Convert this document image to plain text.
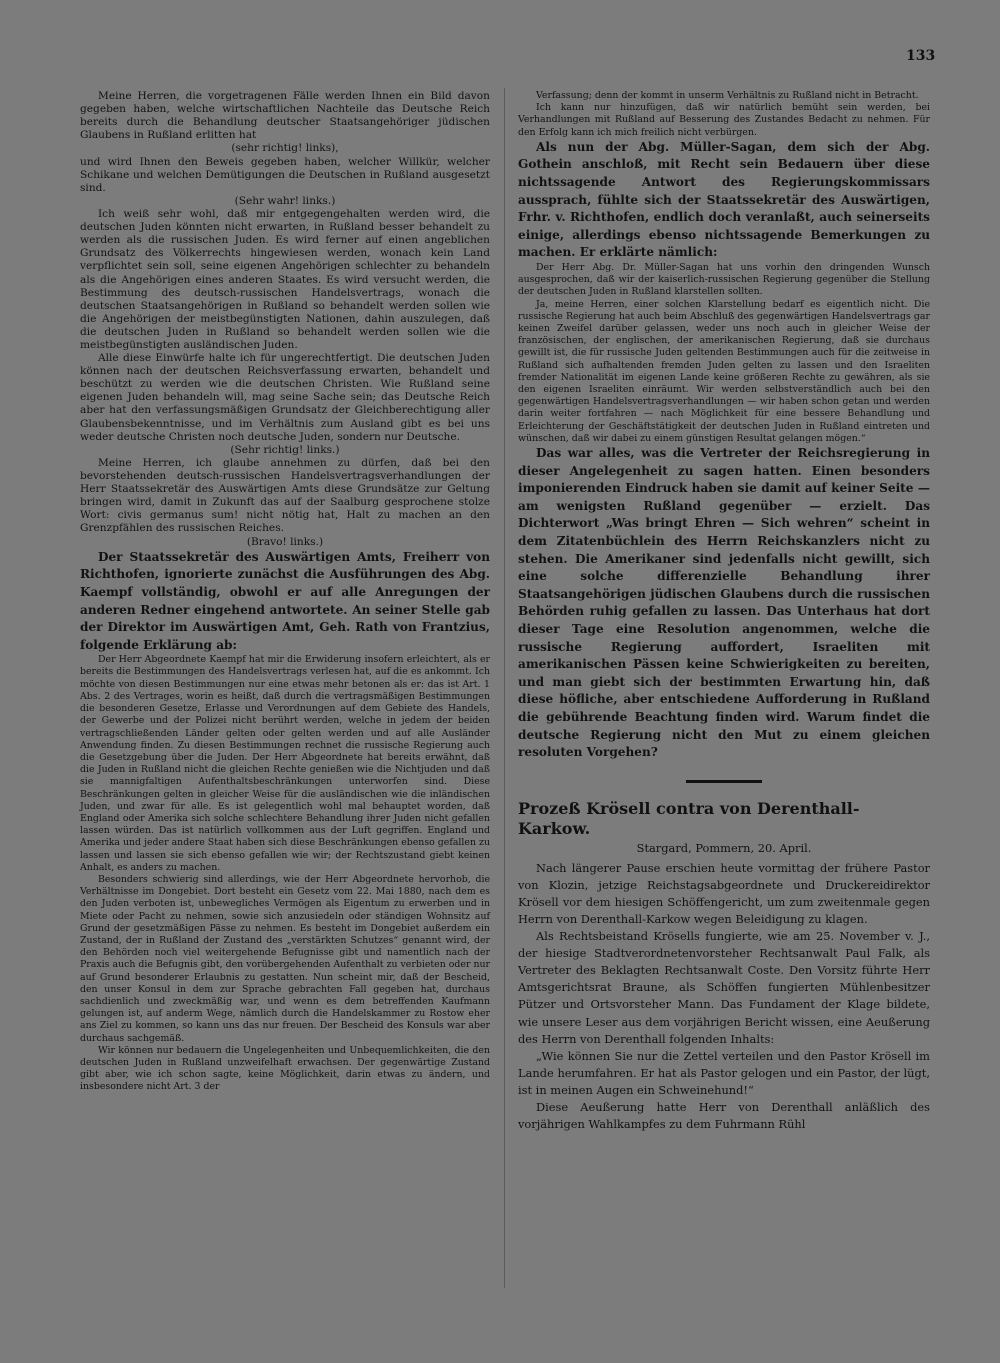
133

Meine Herren, die vorgetragenen Fälle werden Ihnen ein Bild davon gegeben haben, welche wirtschaftlichen Nachteile das Deutsche Reich bereits durch die Behandlung deutscher Staatsangehöriger jüdischen Glaubens in Rußland erlitten hat

(sehr richtig! links),

und wird Ihnen den Beweis gegeben haben, welcher Willkür, welcher Schikane und welchen Demütigungen die Deutschen in Rußland ausgesetzt sind.

(Sehr wahr! links.)

Ich weiß sehr wohl, daß mir entgegengehalten werden wird, die deutschen Juden könnten nicht erwarten, in Rußland besser behandelt zu werden als die russischen Juden. Es wird ferner auf einen angeblichen Grundsatz des Völkerrechts hingewiesen werden, wonach kein Land verpflichtet sein soll, seine eigenen Angehörigen schlechter zu behandeln als die Angehörigen eines anderen Staates. Es wird versucht werden, die Bestimmung des deutsch-russischen Handelsvertrags, wonach die deutschen Staatsangehörigen in Rußland so behandelt werden sollen wie die Angehörigen der meistbegünstigten Nationen, dahin auszulegen, daß die deutschen Juden in Rußland so behandelt werden sollen wie die meistbegünstigten ausländischen Juden.

Alle diese Einwürfe halte ich für ungerechtfertigt. Die deutschen Juden können nach der deutschen Reichsverfassung erwarten, behandelt und beschützt zu werden wie die deutschen Christen. Wie Rußland seine eigenen Juden behandeln will, mag seine Sache sein; das Deutsche Reich aber hat den verfassungsmäßigen Grundsatz der Gleichberechtigung aller Glaubensbekenntnisse, und im Verhältnis zum Ausland gibt es bei uns weder deutsche Christen noch deutsche Juden, sondern nur Deutsche.

(Sehr richtig! links.)

Meine Herren, ich glaube annehmen zu dürfen, daß bei den bevorstehenden deutsch-russischen Handelsvertragsverhandlungen der Herr Staatssekretär des Auswärtigen Amts diese Grundsätze zur Geltung bringen wird, damit in Zukunft das auf der Saalburg gesprochene stolze Wort: civis germanus sum! nicht nötig hat, Halt zu machen an den Grenzpfählen des russischen Reiches.

(Bravo! links.)

Der Staatssekretär des Auswärtigen Amts, Freiherr von Richthofen, ignorierte zunächst die Ausführungen des Abg. Kaempf vollständig, obwohl er auf alle Anregungen der anderen Redner eingehend antwortete. An seiner Stelle gab der Direktor im Auswärtigen Amt, Geh. Rath von Frantzius, folgende Erklärung ab:

Der Herr Abgeordnete Kaempf hat mir die Erwiderung insofern erleichtert, als er bereits die Bestimmungen des Handelsvertrags verlesen hat, auf die es ankommt. Ich möchte von diesen Bestimmungen nur eine etwas mehr betonen als er: das ist Art. 1 Abs. 2 des Vertrages, worin es heißt, daß durch die vertragsmäßigen Bestimmungen die besonderen Gesetze, Erlasse und Verordnungen auf dem Gebiete des Handels, der Gewerbe und der Polizei nicht berührt werden, welche in jedem der beiden vertragschließenden Länder gelten oder gelten werden und auf alle Ausländer Anwendung finden. Zu diesen Bestimmungen rechnet die russische Regierung auch die Gesetzgebung über die Juden. Der Herr Abgeordnete hat bereits erwähnt, daß die Juden in Rußland nicht die gleichen Rechte genießen wie die Nichtjuden und daß sie mannigfaltigen Aufenthaltsbeschränkungen unterworfen sind. Diese Beschränkungen gelten in gleicher Weise für die ausländischen wie die inländischen Juden, und zwar für alle. Es ist gelegentlich wohl mal behauptet worden, daß England oder Amerika sich solche schlechtere Behandlung ihrer Juden nicht gefallen lassen würden. Das ist natürlich vollkommen aus der Luft gegriffen. England und Amerika und jeder andere Staat haben sich diese Beschränkungen ebenso gefallen zu lassen und lassen sie sich ebenso gefallen wie wir; der Rechtszustand giebt keinen Anhalt, es anders zu machen.

Besonders schwierig sind allerdings, wie der Herr Abgeordnete hervorhob, die Verhältnisse im Dongebiet. Dort besteht ein Gesetz vom 22. Mai 1880, nach dem es den Juden verboten ist, unbewegliches Vermögen als Eigentum zu erwerben und in Miete oder Pacht zu nehmen, sowie sich anzusiedeln oder ständigen Wohnsitz auf Grund der gesetzmäßigen Pässe zu nehmen. Es besteht im Dongebiet außerdem ein Zustand, der in Rußland der Zustand des „verstärkten Schutzes“ genannt wird, der den Behörden noch viel weitergehende Befugnisse gibt und namentlich nach der Praxis auch die Befugnis gibt, den vorübergehenden Aufenthalt zu verbieten oder nur auf Grund besonderer Erlaubnis zu gestatten. Nun scheint mir, daß der Bescheid, den unser Konsul in dem zur Sprache gebrachten Fall gegeben hat, durchaus sachdienlich und zweckmäßig war, und wenn es dem betreffenden Kaufmann gelungen ist, auf anderm Wege, nämlich durch die Handelskammer zu Rostow eher ans Ziel zu kommen, so kann uns das nur freuen. Der Bescheid des Konsuls war aber durchaus sachgemäß.

Wir können nur bedauern die Ungelegenheiten und Unbequemlichkeiten, die den deutschen Juden in Rußland unzweifelhaft erwachsen. Der gegenwärtige Zustand gibt aber, wie ich schon sagte, keine Möglichkeit, darin etwas zu ändern, und insbesondere nicht Art. 3 der

Verfassung; denn der kommt in unserm Verhältnis zu Rußland nicht in Betracht.

Ich kann nur hinzufügen, daß wir natürlich bemüht sein werden, bei Verhandlungen mit Rußland auf Besserung des Zustandes Bedacht zu nehmen. Für den Erfolg kann ich mich freilich nicht verbürgen.

Als nun der Abg. Müller-Sagan, dem sich der Abg. Gothein anschloß, mit Recht sein Bedauern über diese nichtssagende Antwort des Regierungskommissars aussprach, fühlte sich der Staatssekretär des Auswärtigen, Frhr. v. Richthofen, endlich doch veranlaßt, auch seinerseits einige, allerdings ebenso nichtssagende Bemerkungen zu machen. Er erklärte nämlich:

Der Herr Abg. Dr. Müller-Sagan hat uns vorhin den dringenden Wunsch ausgesprochen, daß wir der kaiserlich-russischen Regierung gegenüber die Stellung der deutschen Juden in Rußland klarstellen sollten.

Ja, meine Herren, einer solchen Klarstellung bedarf es eigentlich nicht. Die russische Regierung hat auch beim Abschluß des gegenwärtigen Handelsvertrags gar keinen Zweifel darüber gelassen, weder uns noch auch in gleicher Weise der französischen, der englischen, der amerikanischen Regierung, daß sie durchaus gewillt ist, die für russische Juden geltenden Bestimmungen auch für die zeitweise in Rußland sich aufhaltenden fremden Juden gelten zu lassen und den Israeliten fremder Nationalität im eigenen Lande keine größeren Rechte zu gewähren, als sie den eigenen Israeliten einräumt. Wir werden selbstverständlich auch bei den gegenwärtigen Handelsvertragsverhandlungen — wir haben schon getan und werden darin weiter fortfahren — nach Möglichkeit für eine bessere Behandlung und Erleichterung der Geschäftstätigkeit der deutschen Juden in Rußland eintreten und wünschen, daß wir dabei zu einem günstigen Resultat gelangen mögen.“

Das war alles, was die Vertreter der Reichsregierung in dieser Angelegenheit zu sagen hatten. Einen besonders imponierenden Eindruck haben sie damit auf keiner Seite — am wenigsten Rußland gegenüber — erzielt. Das Dichterwort „Was bringt Ehren — Sich wehren“ scheint in dem Zitatenbüchlein des Herrn Reichskanzlers nicht zu stehen. Die Amerikaner sind jedenfalls nicht gewillt, sich eine solche differenzielle Behandlung ihrer Staatsangehörigen jüdischen Glaubens durch die russischen Behörden ruhig gefallen zu lassen. Das Unterhaus hat dort dieser Tage eine Resolution angenommen, welche die russische Regierung auffordert, Israeliten mit amerikanischen Pässen keine Schwierigkeiten zu bereiten, und man giebt sich der bestimmten Erwartung hin, daß diese höfliche, aber entschiedene Aufforderung in Rußland die gebührende Beachtung finden wird. Warum findet die deutsche Regierung nicht den Mut zu einem gleichen resoluten Vorgehen?

Prozeß Krösell contra von Derenthall-Karkow.
Stargard, Pommern, 20. April.

Nach längerer Pause erschien heute vormittag der frühere Pastor von Klozin, jetzige Reichstagsabgeordnete und Druckereidirektor Krösell vor dem hiesigen Schöffengericht, um zum zweitenmale gegen Herrn von Derenthall-Karkow wegen Beleidigung zu klagen.

Als Rechtsbeistand Krösells fungierte, wie am 25. November v. J., der hiesige Stadtverordnetenvorsteher Rechtsanwalt Paul Falk, als Vertreter des Beklagten Rechtsanwalt Coste. Den Vorsitz führte Herr Amtsgerichtsrat Braune, als Schöffen fungierten Mühlenbesitzer Pützer und Ortsvorsteher Mann. Das Fundament der Klage bildete, wie unsere Leser aus dem vorjährigen Bericht wissen, eine Aeußerung des Herrn von Derenthall folgenden Inhalts:

„Wie können Sie nur die Zettel verteilen und den Pastor Krösell im Lande herumfahren. Er hat als Pastor gelogen und ein Pastor, der lügt, ist in meinen Augen ein Schweinehund!“

Diese Aeußerung hatte Herr von Derenthall anläßlich des vorjährigen Wahlkampfes zu dem Fuhrmann Rühl
